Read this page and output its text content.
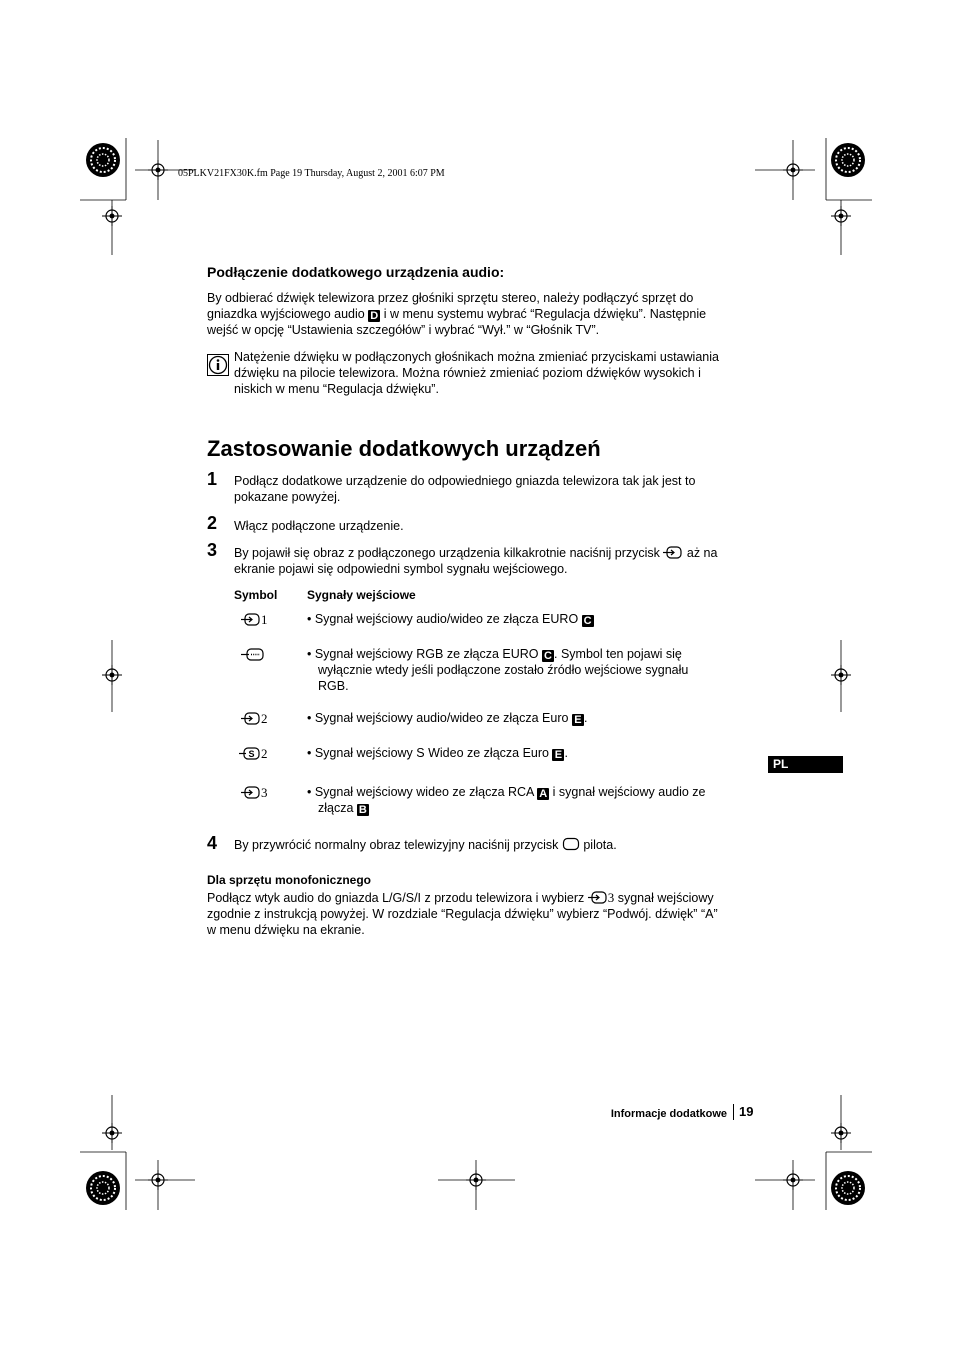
05PLKV21FX30K.fm Page 19 Thursday, August 2, 2001 6:07 PM
Podłączenie dodatkowego urządzenia audio:
By odbierać dźwięk telewizora przez głośniki sprzętu stereo, należy podłączyć sprzęt do
gniazdka wyjściowego audio D i w menu systemu wybrać “Regulacja dźwięku”. Następnie
wejść w opcję “Ustawienia szczegółów” i wybrać “Wył.” w “Głośnik TV”.
Natężenie dźwięku w podłączonych głośnikach można zmieniać przyciskami ustawiania
dźwięku na pilocie telewizora. Można również zmieniać poziom dźwięków wysokich i
niskich w menu “Regulacja dźwięku”.
Zastosowanie dodatkowych urządzeń
1 Podłącz dodatkowe urządzenie do odpowiedniego gniazda telewizora tak jak jest to
pokazane powyżej.
2 Włącz podłączone urządzenie.
3 By pojawił się obraz z podłączonego urządzenia kilkakrotnie naciśnij przycisk  aż na
ekranie pojawi się odpowiedni symbol sygnału wejściowego.
Symbol Sygnały wejściowe
1	• Sygnał wejściowy audio/wideo ze złącza EURO C
• Sygnał wejściowy RGB ze złącza EURO C . Symbol ten pojawi się
wyłącznie wtedy jeśli podłączone zostało źródło wejściowe sygnału
RGB.
2	• Sygnał wejściowy audio/wideo ze złącza Euro E .
S 2	• Sygnał wejściowy S Wideo ze złącza Euro E .
3	• Sygnał wejściowy wideo ze złącza RCA A i sygnał wejściowy audio ze
złącza B
4 By przywrócić normalny obraz telewizyjny naciśnij przycisk  pilota.
Dla sprzętu monofonicznego
Podłącz wtyk audio do gniazda L/G/S/I z przodu telewizora i wybierz 3 sygnał wejściowy
zgodnie z instrukcją powyżej. W rozdziale “Regulacja dźwięku” wybierz “Podwój. dźwięk” “A”
w menu dźwięku na ekranie.
PL
Informacje dodatkowe 19
